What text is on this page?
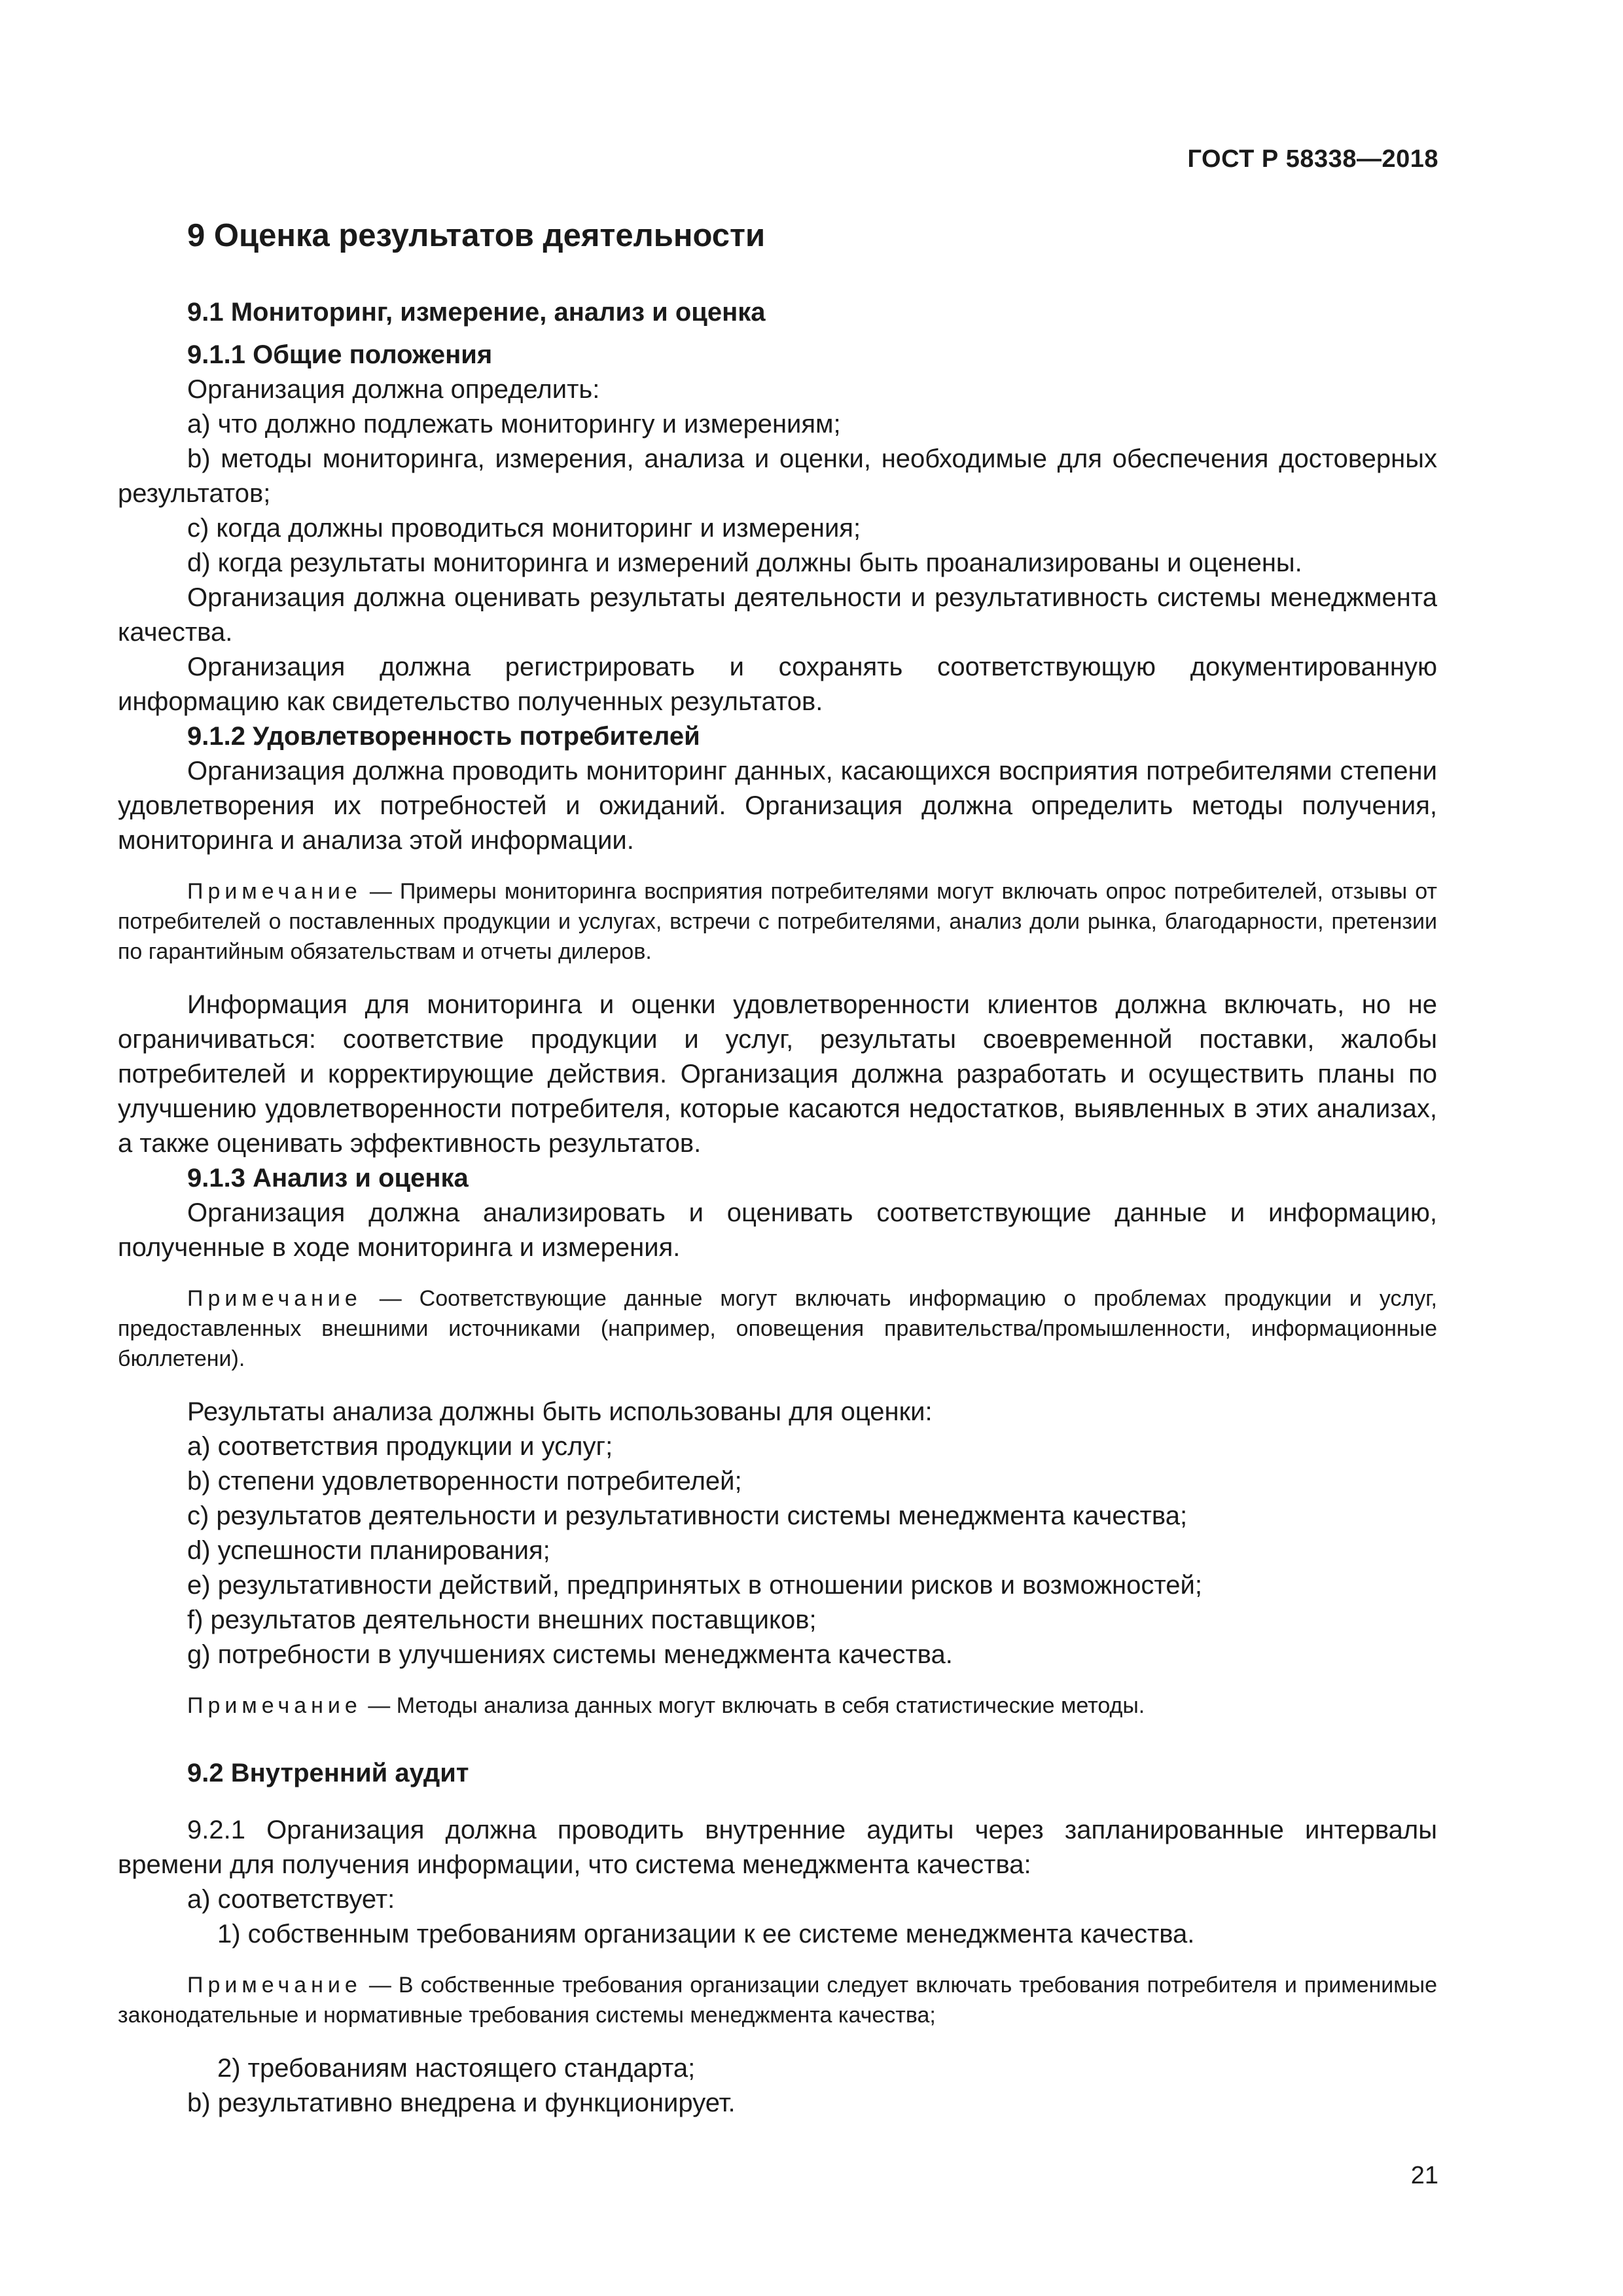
ГОСТ Р 58338—2018
9 Оценка результатов деятельности
9.1 Мониторинг, измерение, анализ и оценка
9.1.1 Общие положения

Организация должна определить:

a) что должно подлежать мониторингу и измерениям;

b) методы мониторинга, измерения, анализа и оценки, необходимые для обеспечения достоверных результатов;

c) когда должны проводиться мониторинг и измерения;

d) когда результаты мониторинга и измерений должны быть проанализированы и оценены.

Организация должна оценивать результаты деятельности и результативность системы менеджмента качества.

Организация должна регистрировать и сохранять соответствующую документированную информацию как свидетельство полученных результатов.

9.1.2 Удовлетворенность потребителей

Организация должна проводить мониторинг данных, касающихся восприятия потребителями степени удовлетворения их потребностей и ожиданий. Организация должна определить методы получения, мониторинга и анализа этой информации.

Примечание — Примеры мониторинга восприятия потребителями могут включать опрос потребителей, отзывы от потребителей о поставленных продукции и услугах, встречи с потребителями, анализ доли рынка, благодарности, претензии по гарантийным обязательствам и отчеты дилеров.

Информация для мониторинга и оценки удовлетворенности клиентов должна включать, но не ограничиваться: соответствие продукции и услуг, результаты своевременной поставки, жалобы потребителей и корректирующие действия. Организация должна разработать и осуществить планы по улучшению удовлетворенности потребителя, которые касаются недостатков, выявленных в этих анализах, а также оценивать эффективность результатов.

9.1.3 Анализ и оценка

Организация должна анализировать и оценивать соответствующие данные и информацию, полученные в ходе мониторинга и измерения.

Примечание — Соответствующие данные могут включать информацию о проблемах продукции и услуг, предоставленных внешними источниками (например, оповещения правительства/промышленности, информационные бюллетени).

Результаты анализа должны быть использованы для оценки:

a) соответствия продукции и услуг;

b) степени удовлетворенности потребителей;

c) результатов деятельности и результативности системы менеджмента качества;

d) успешности планирования;

e) результативности действий, предпринятых в отношении рисков и возможностей;

f) результатов деятельности внешних поставщиков;

g) потребности в улучшениях системы менеджмента качества.

Примечание — Методы анализа данных могут включать в себя статистические методы.
9.2 Внутренний аудит

9.2.1 Организация должна проводить внутренние аудиты через запланированные интервалы времени для получения информации, что система менеджмента качества:

a) соответствует:

1) собственным требованиям организации к ее системе менеджмента качества.

Примечание — В собственные требования организации следует включать требования потребителя и применимые законодательные и нормативные требования системы менеджмента качества;

2) требованиям настоящего стандарта;

b) результативно внедрена и функционирует.

21
